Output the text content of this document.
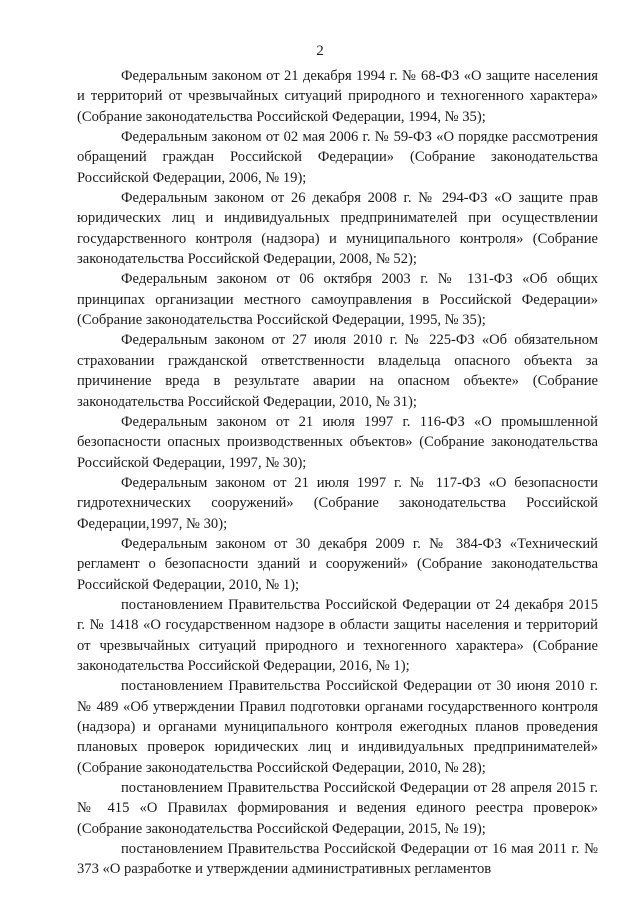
2

Федеральным законом от 21 декабря 1994 г. № 68-ФЗ «О защите населения и территорий от чрезвычайных ситуаций природного и техногенного характера» (Собрание законодательства Российской Федерации, 1994, № 35);

Федеральным законом от 02 мая 2006 г. № 59-ФЗ «О порядке рассмотрения обращений граждан Российской Федерации» (Собрание законодательства Российской Федерации, 2006, № 19);

Федеральным законом от 26 декабря 2008 г. № 294-ФЗ «О защите прав юридических лиц и индивидуальных предпринимателей при осуществлении государственного контроля (надзора) и муниципального контроля» (Собрание законодательства Российской Федерации, 2008, № 52);

Федеральным законом от 06 октября 2003 г. № 131-ФЗ «Об общих принципах организации местного самоуправления в Российской Федерации» (Собрание законодательства Российской Федерации, 1995, № 35);

Федеральным законом от 27 июля 2010 г. № 225-ФЗ «Об обязательном страховании гражданской ответственности владельца опасного объекта за причинение вреда в результате аварии на опасном объекте» (Собрание законодательства Российской Федерации, 2010, № 31);

Федеральным законом от 21 июля 1997 г. 116-ФЗ «О промышленной безопасности опасных производственных объектов» (Собрание законодательства Российской Федерации, 1997, № 30);

Федеральным законом от 21 июля 1997 г. № 117-ФЗ «О безопасности гидротехнических сооружений» (Собрание законодательства Российской Федерации,1997, № 30);

Федеральным законом от 30 декабря 2009 г. № 384-ФЗ «Технический регламент о безопасности зданий и сооружений» (Собрание законодательства Российской Федерации, 2010, № 1);

постановлением Правительства Российской Федерации от 24 декабря 2015 г. № 1418 «О государственном надзоре в области защиты населения и территорий от чрезвычайных ситуаций природного и техногенного характера» (Собрание законодательства Российской Федерации, 2016, № 1);

постановлением Правительства Российской Федерации от 30 июня 2010 г. № 489 «Об утверждении Правил подготовки органами государственного контроля (надзора) и органами муниципального контроля ежегодных планов проведения плановых проверок юридических лиц и индивидуальных предпринимателей» (Собрание законодательства Российской Федерации, 2010, № 28);

постановлением Правительства Российской Федерации от 28 апреля 2015 г. № 415 «О Правилах формирования и ведения единого реестра проверок» (Собрание законодательства Российской Федерации, 2015, № 19);

постановлением Правительства Российской Федерации от 16 мая 2011 г. № 373 «О разработке и утверждении административных регламентов
